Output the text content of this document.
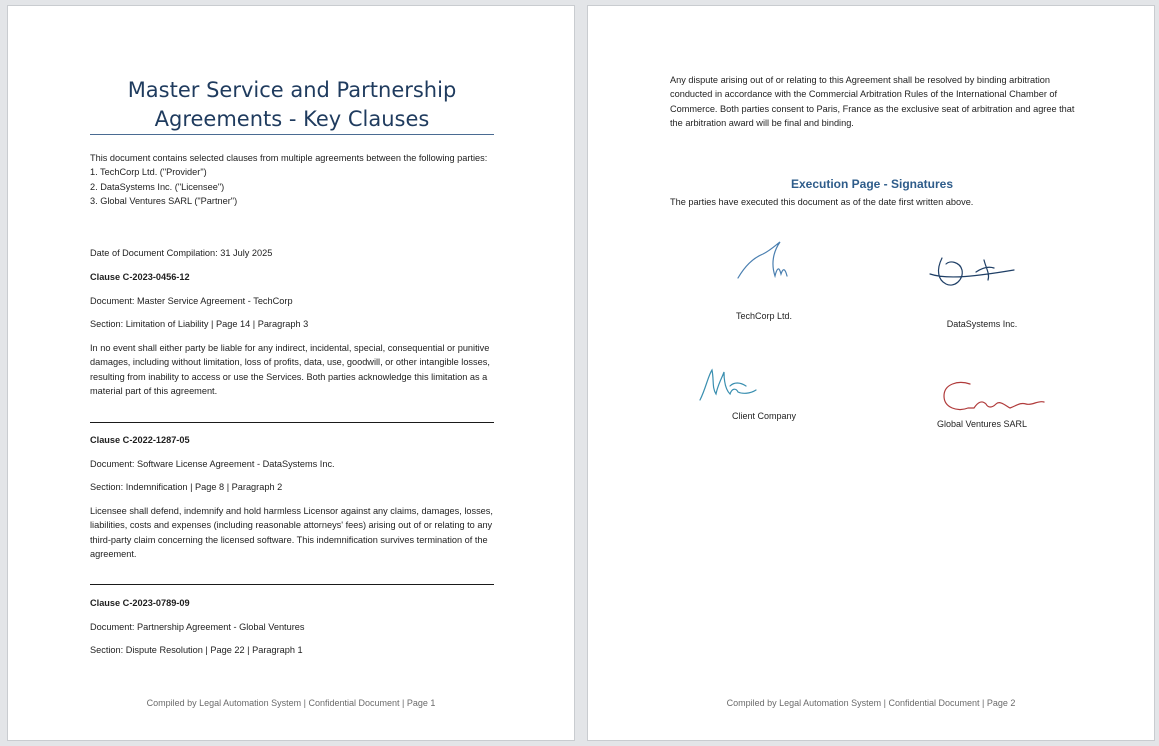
Master Service and Partnership Agreements - Key Clauses

This document contains selected clauses from multiple agreements between the following parties:

1. TechCorp Ltd. ("Provider")

2. DataSystems Inc. ("Licensee")

3. Global Ventures SARL ("Partner")

Date of Document Compilation: 31 July 2025

Clause C-2023-0456-12

Document: Master Service Agreement - TechCorp

Section: Limitation of Liability | Page 14 | Paragraph 3

In no event shall either party be liable for any indirect, incidental, special, consequential or punitive damages, including without limitation, loss of profits, data, use, goodwill, or other intangible losses, resulting from inability to access or use the Services. Both parties acknowledge this limitation as a material part of this agreement.

Clause C-2022-1287-05

Document: Software License Agreement - DataSystems Inc.

Section: Indemnification | Page 8 | Paragraph 2

Licensee shall defend, indemnify and hold harmless Licensor against any claims, damages, losses, liabilities, costs and expenses (including reasonable attorneys' fees) arising out of or relating to any third-party claim concerning the licensed software. This indemnification survives termination of the agreement.

Clause C-2023-0789-09

Document: Partnership Agreement - Global Ventures

Section: Dispute Resolution | Page 22 | Paragraph 1

Compiled by Legal Automation System | Confidential Document | Page 1

Any dispute arising out of or relating to this Agreement shall be resolved by binding arbitration conducted in accordance with the Commercial Arbitration Rules of the International Chamber of Commerce. Both parties consent to Paris, France as the exclusive seat of arbitration and agree that the arbitration award will be final and binding.

Execution Page - Signatures

The parties have executed this document as of the date first written above.

TechCorp Ltd.
DataSystems Inc.
Client Company
Global Ventures SARL
Compiled by Legal Automation System | Confidential Document | Page 2
